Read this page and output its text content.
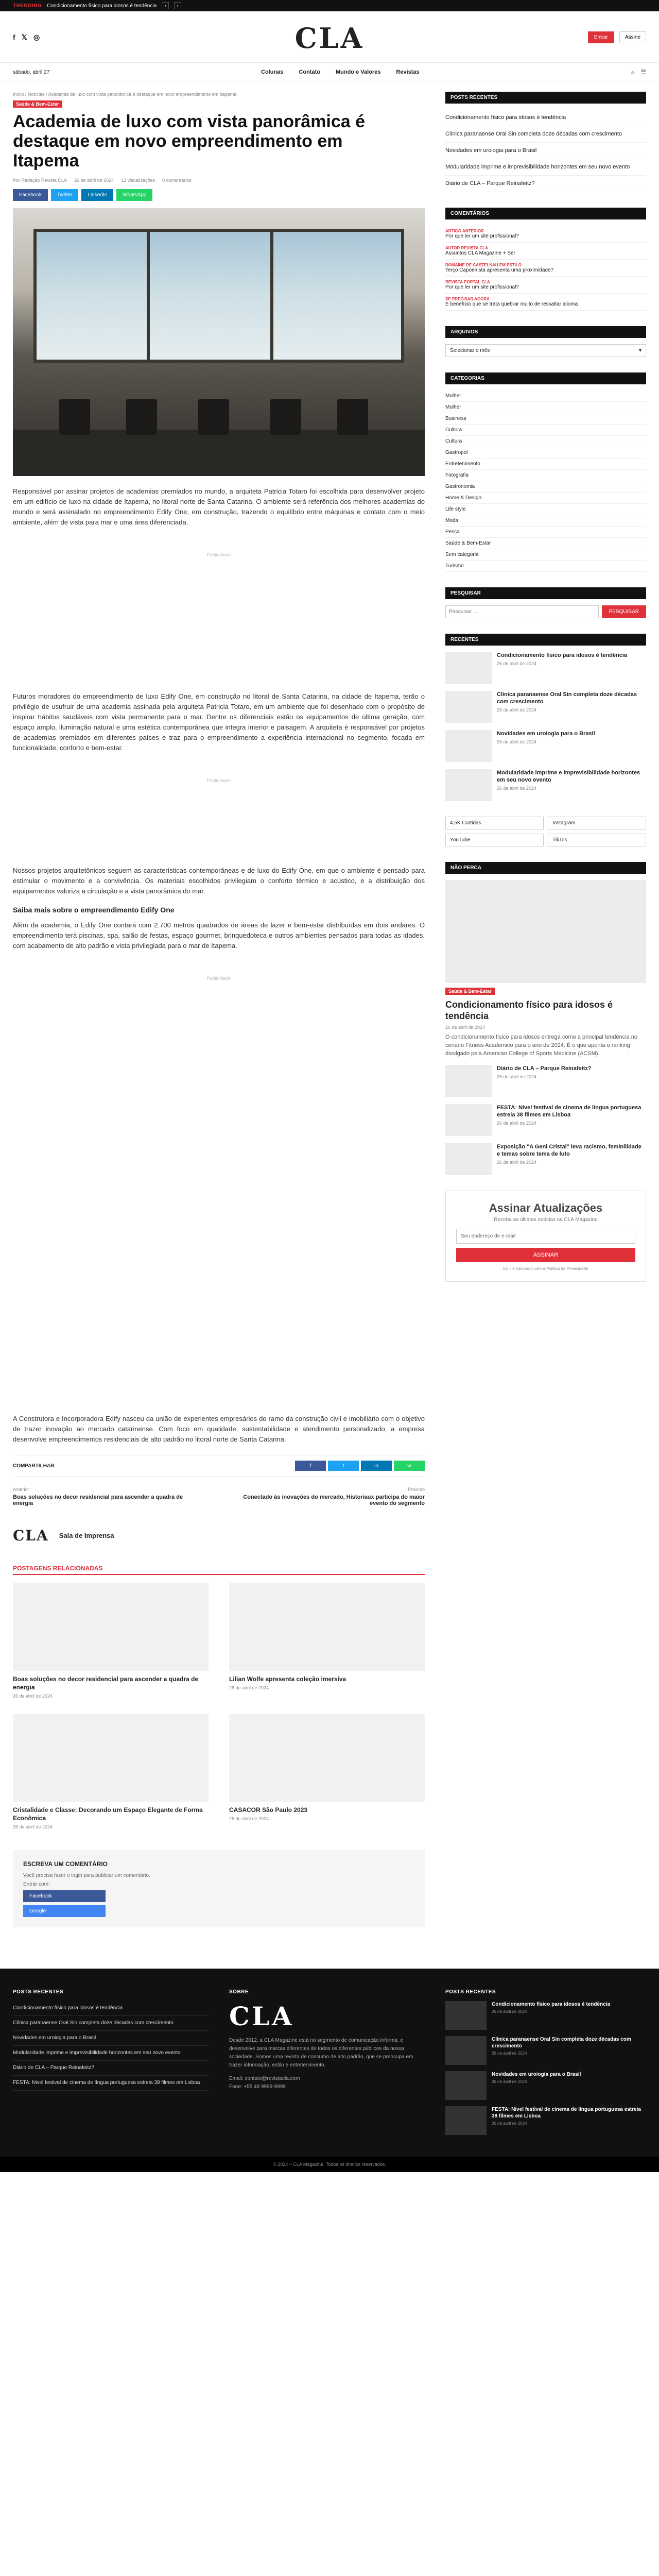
TRENDING Condicionamento físico para idosos é tendência	‹	›
f 𝕏 ◎	CLA	Entrar	Assine
sábado, abril 27	Colunas	Contato	Mundo e Valores	Revistas	⌕ ☰
Início / Notícias / Academia de luxo com vista panorâmica é destaque em novo empreendimento em Itapema
Saúde & Bem-Estar
Academia de luxo com vista panorâmica é destaque em novo empreendimento em Itapema
Por Redação Revista CLA 26 de abril de 2024 12 visualizações 0 comentários
Facebook	Twitter	LinkedIn	WhatsApp

Responsável por assinar projetos de academias premiados no mundo, a arquiteta Patricia Totaro foi escolhida para desenvolver projeto em um edifício de luxo na cidade de Itapema, no litoral norte de Santa Catarina. O ambiente será referência dos melhores academias do mundo e será assinalado no empreendimento Edify One, em construção, trazendo o equilíbrio entre máquinas e contato com o meio ambiente, além de vista para mar e uma área diferenciada.

Publicidade

Futuros moradores do empreendimento de luxo Edify One, em construção no litoral de Santa Catarina, na cidade de Itapema, terão o privilégio de usufruir de uma academia assinada pela arquiteta Patricia Totaro, em um ambiente que foi desenhado com o propósito de inspirar hábitos saudáveis com vista permanente para o mar. Dentre os diferenciais estão os equipamentos de última geração, com espaço amplo, iluminação natural e uma estética contemporânea que integra interior e paisagem. A arquiteta é responsável por projetos de academias premiados em diferentes países e traz para o empreendimento a experiência internacional no segmento, focada em funcionalidade, conforto e bem-estar.

Publicidade

Nossos projetos arquitetônicos seguem as características contemporâneas e de luxo do Edify One, em que o ambiente é pensado para estimular o movimento e a convivência. Os materiais escolhidos privilegiam o conforto térmico e acústico, e a distribuição dos equipamentos valoriza a circulação e a vista panorâmica do mar.

Saiba mais sobre o empreendimento Edify One

Além da academia, o Edify One contará com 2.700 metros quadrados de áreas de lazer e bem-estar distribuídas em dois andares. O empreendimento terá piscinas, spa, salão de festas, espaço gourmet, brinquedoteca e outros ambientes pensados para todas as idades, com acabamento de alto padrão e vista privilegiada para o mar de Itapema.

Publicidade

A Construtora e Incorporadora Edify nasceu da união de experientes empresários do ramo da construção civil e imobiliário com o objetivo de trazer inovação ao mercado catarinense. Com foco em qualidade, sustentabilidade e atendimento personalizado, a empresa desenvolve empreendimentos residenciais de alto padrão no litoral norte de Santa Catarina.

COMPARTILHAR	f	t	in	w
Anterior
Boas soluções no decor residencial para ascender a quadra de energia
Próximo
Conectado às inovações do mercado, Historiaux participa do maior evento do segmento
CLA Sala de Imprensa
POSTAGENS RELACIONADAS
Boas soluções no decor residencial para ascender a quadra de energia
26 de abril de 2024
Lilian Wolfe apresenta coleção imersiva
26 de abril de 2024
Cristalidade e Classe: Decorando um Espaço Elegante de Forma Econômica
26 de abril de 2024
CASACOR São Paulo 2023
26 de abril de 2024
ESCREVA UM COMENTÁRIO
Você precisa fazer o login para publicar um comentário.
Entrar com:
Facebook
Google
POSTS RECENTES
Condicionamento físico para idosos é tendência
Clínica paranaense Oral Sin completa doze décadas com crescimento
Novidades em uroiogia para o Brasil
Modularidade imprime e imprevisibilidade horizontes em seu novo evento
Diário de CLA – Parque Reinafeitz?
COMENTÁRIOS
ARTIGO ANTERIOR
Por que ler um site profissional?
AUTOR REVISTA CLA
Assuntos CLA Magazine + Ser
DOMAINE DE CASTELNAU EM ESTILO
Terço Capoeirista apresenta uma proximidade?
REVISTA PORTAL CLA
Por que ler um site profissional?
SE PRECISAR AGORA
É benefício que se trata quebrar muito de ressaltar idioma
ARQUIVOS
Selecionar o mês	▾
CATEGORIAS
Mulher
Mulher
Business
Cultura
Cultura
Gastropol
Entretenimento
Fotografia
Gastronomia
Home & Design
Life style
Moda
Pesca
Saúde & Bem-Estar
Sem categoria
Turismo
PESQUISAR
Pesquisar ...
PESQUISAR
RECENTES
Condicionamento físico para idosos é tendência
26 de abril de 2024
Clínica paranaense Oral Sin completa doze décadas com crescimento
26 de abril de 2024
Novidades em uroiogia para o Brasil
26 de abril de 2024
Modularidade imprime e imprevisibilidade horizontes em seu novo evento
26 de abril de 2024
4,5K Curtidas	Instagram
YouTube	TikTok
NÃO PERCA
Saúde & Bem-Estar
Condicionamento físico para idosos é tendência
26 de abril de 2024
O condicionamento físico para idosos entrega como a principal tendência no cenário Fitness Academico para o ano de 2024. É o que aponta o ranking divulgado pela American College of Sports Medicine (ACSM).
Diário de CLA – Parque Reinafeitz?
26 de abril de 2024
FESTA: Nivel festival de cinema de língua portuguesa estreia 38 filmes em Lisboa
26 de abril de 2024
Exposição "A Geni Cristal" leva racismo, feminilidade e temas sobre tema de luto
26 de abril de 2024
Assinar Atualizações
Receba as últimas notícias na CLA Magazine
Seu endereço de e-mail ASSINAR
Eu li e concordo com a Política de Privacidade
POSTS RECENTES
Condicionamento físico para idosos é tendência
Clínica paranaense Oral Sin completa doze décadas com crescimento
Novidades em uroiogia para o Brasil
Modularidade imprime e imprevisibilidade horizontes em seu novo evento
Diário de CLA – Parque Reinafeitz?
FESTA: Nivel festival de cinema de língua portuguesa estreia 38 filmes em Lisboa
SOBRE
CLA
Desde 2012, a CLA Magazine está no segmento de comunicação informa, e desenvolve para marcas diferentes de todos os diferentes públicos da nossa sociedade. Somos uma revista de consumo de alto padrão, que se preocupa em trazer informação, estilo e entretenimento.
Email: contato@revistacla.com
Fone: +55 48 9999-9999
POSTS RECENTES
Condicionamento físico para idosos é tendência
26 de abril de 2024
Clínica paranaense Oral Sin completa doze décadas com crescimento
26 de abril de 2024
Novidades em uroiogia para o Brasil
26 de abril de 2024
FESTA: Nivel festival de cinema de língua portuguesa estreia 38 filmes em Lisboa
26 de abril de 2024
© 2024 – CLA Magazine. Todos os direitos reservados.
